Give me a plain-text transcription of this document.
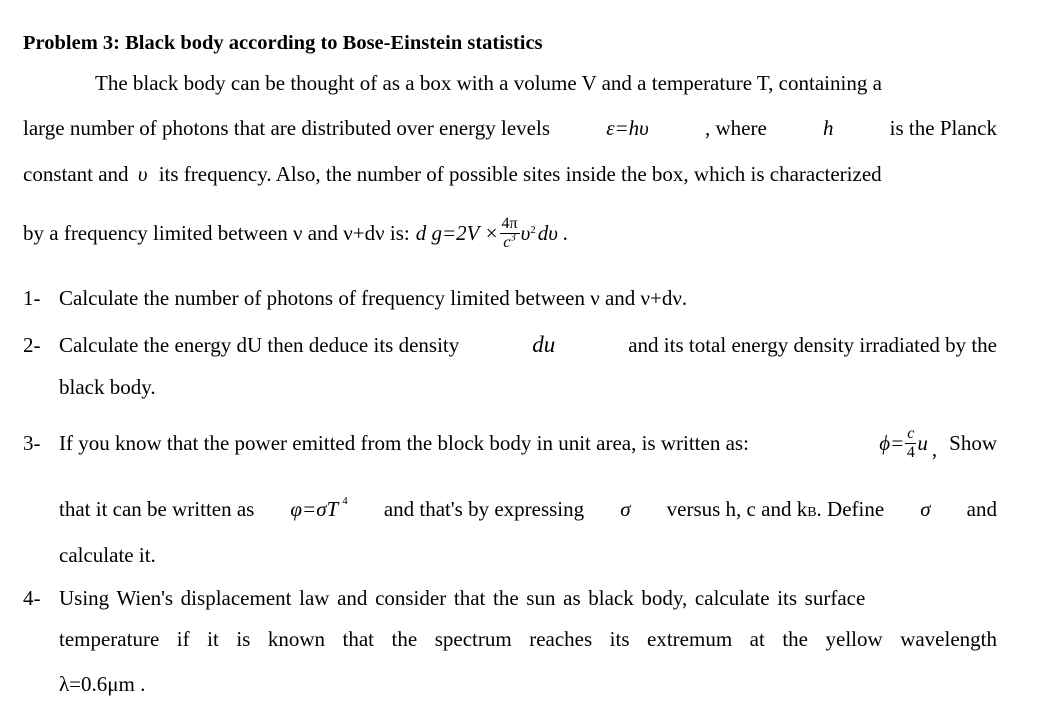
Problem 3: Black body according to Bose-Einstein statistics
The black body can be thought of as a box with a volume V and a temperature T, containing a
large number of photons that are distributed over energy levels	ε=hυ	, where	h	is the Planck
constant and υ its frequency. Also, the number of possible sites inside the box, which is characterized
by a frequency limited between ν and ν+dν is: d $g=2V \times \frac{4\pi}{c^3} \upsilon^2$ dυ .
1- Calculate the number of photons of frequency limited between ν and ν+dν.
2- Calculate the energy dU then deduce its density	du	and its total energy density irradiated by the
black body.
3- If you know that the power emitted from the block body in unit area, is written as:	$\phi= \frac{c}{4}$ u , Show
that it can be written as φ=σT $^4$ and that's by expressing σ versus h, c and kB. Define σ and
calculate it.
4- Using Wien's displacement law and consider that the sun as black body, calculate its surface
temperature if it is known that the spectrum reaches its extremum at the yellow wavelength
λ=0.6μm .
